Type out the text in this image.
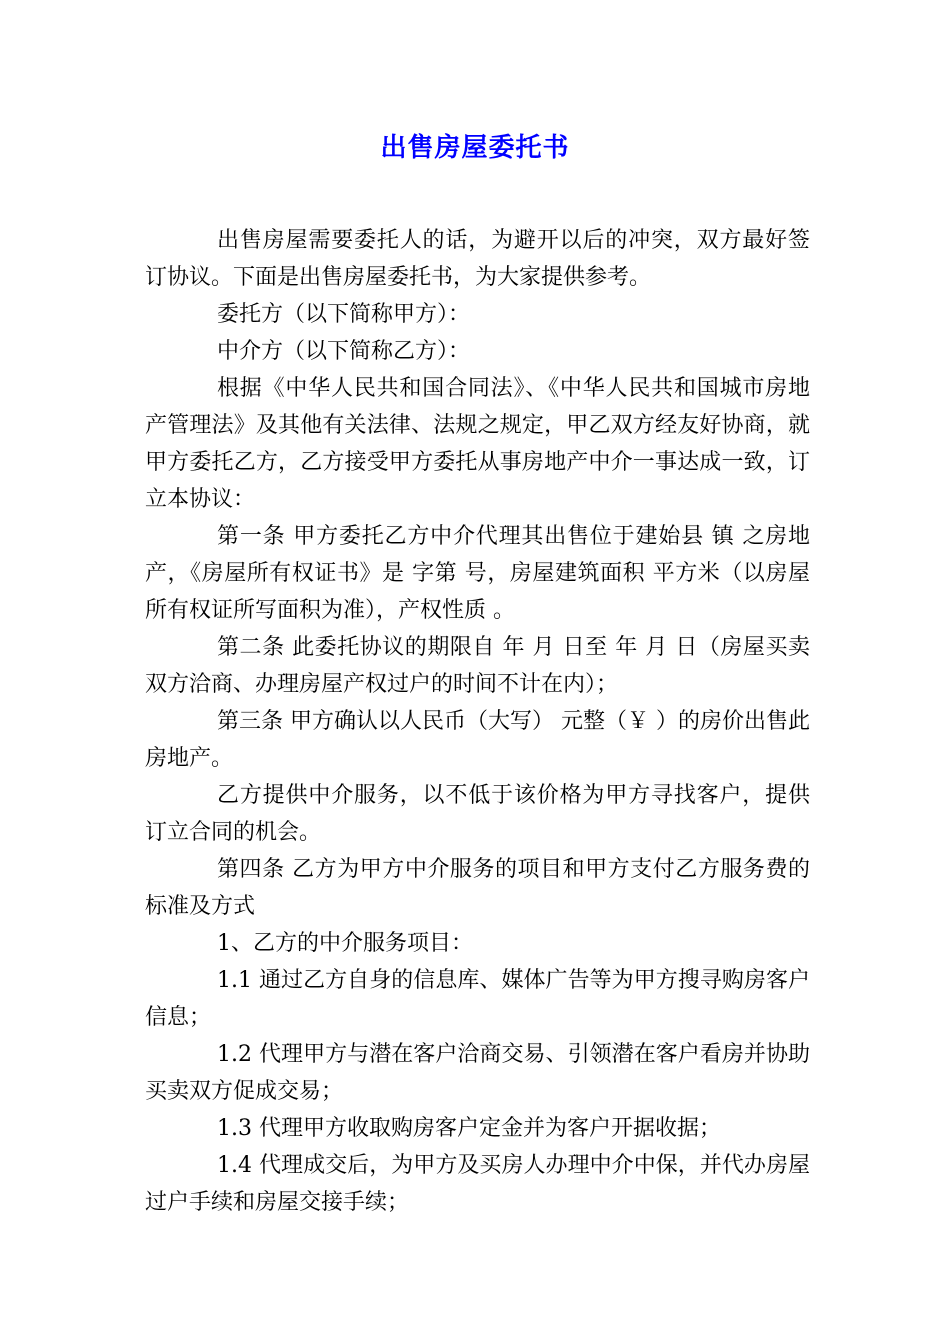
出售房屋委托书

出售房屋需要委托人的话，为避开以后的冲突，双方最好签订协议。下面是出售房屋委托书，为大家提供参考。

委托方（以下简称甲方）：

中介方（以下简称乙方）：

根据《中华人民共和国合同法》、《中华人民共和国城市房地产管理法》及其他有关法律、法规之规定，甲乙双方经友好协商，就甲方委托乙方，乙方接受甲方委托从事房地产中介一事达成一致，订立本协议：

第一条 甲方委托乙方中介代理其出售位于建始县 镇 之房地产，《房屋所有权证书》是 字第 号，房屋建筑面积 平方米（以房屋所有权证所写面积为准），产权性质 。

第二条 此委托协议的期限自 年 月 日至 年 月 日（房屋买卖双方洽商、办理房屋产权过户的时间不计在内）；

第三条 甲方确认以人民币（大写） 元整（￥ ）的房价出售此房地产。

乙方提供中介服务，以不低于该价格为甲方寻找客户，提供订立合同的机会。

第四条 乙方为甲方中介服务的项目和甲方支付乙方服务费的标准及方式

1、乙方的中介服务项目：

1.1 通过乙方自身的信息库、媒体广告等为甲方搜寻购房客户信息；

1.2 代理甲方与潜在客户洽商交易、引领潜在客户看房并协助买卖双方促成交易；

1.3 代理甲方收取购房客户定金并为客户开据收据；

1.4 代理成交后，为甲方及买房人办理中介中保，并代办房屋过户手续和房屋交接手续；
